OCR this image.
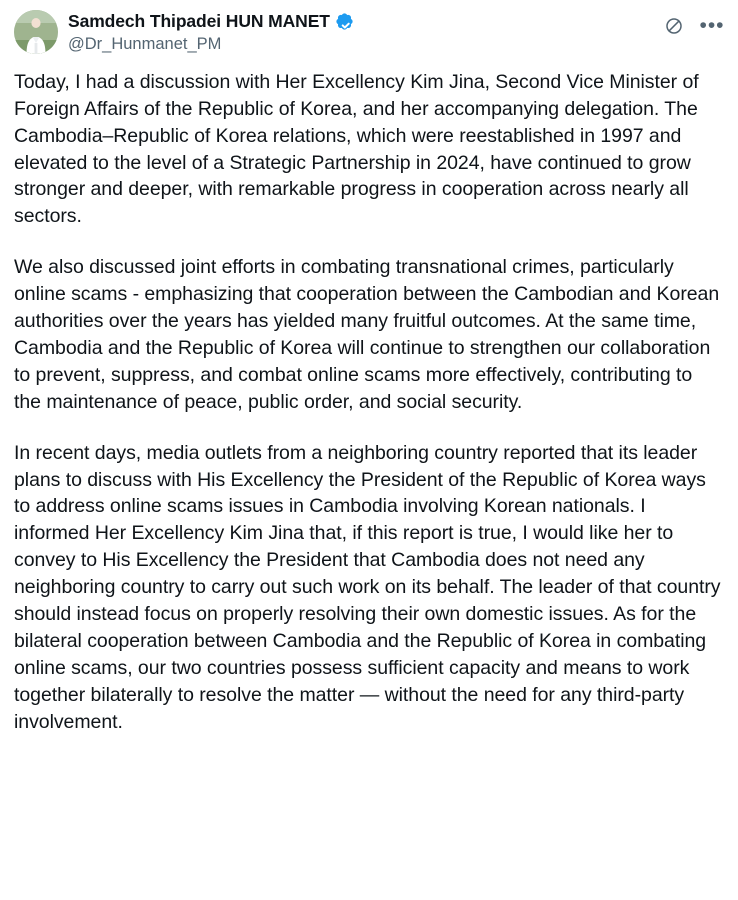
Samdech Thipadei HUN MANET
@Dr_Hunmanet_PM
•••

Today, I had a discussion with Her Excellency Kim Jina, Second Vice Minister of Foreign Affairs of the Republic of Korea, and her accompanying delegation. The Cambodia–Republic of Korea relations, which were reestablished in 1997 and elevated to the level of a Strategic Partnership in 2024, have continued to grow stronger and deeper, with remarkable progress in cooperation across nearly all sectors.

We also discussed joint efforts in combating transnational crimes, particularly online scams - emphasizing that cooperation between the Cambodian and Korean authorities over the years has yielded many fruitful outcomes. At the same time, Cambodia and the Republic of Korea will continue to strengthen our collaboration to prevent, suppress, and combat online scams more effectively, contributing to the maintenance of peace, public order, and social security.

In recent days, media outlets from a neighboring country reported that its leader plans to discuss with His Excellency the President of the Republic of Korea ways to address online scams issues in Cambodia involving Korean nationals. I informed Her Excellency Kim Jina that, if this report is true, I would like her to convey to His Excellency the President that Cambodia does not need any neighboring country to carry out such work on its behalf. The leader of that country should instead focus on properly resolving their own domestic issues. As for the bilateral cooperation between Cambodia and the Republic of Korea in combating online scams, our two countries possess sufficient capacity and means to work together bilaterally to resolve the matter — without the need for any third-party involvement.
